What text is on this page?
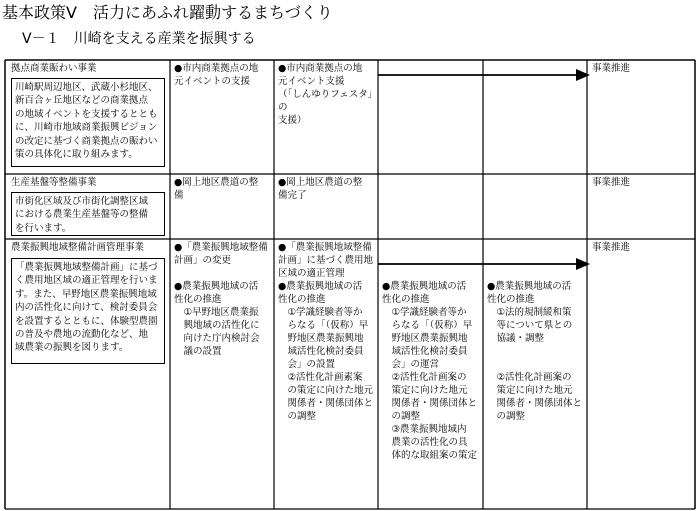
基本政策Ⅴ　活力にあふれ躍動するまちづくり
Ⅴ－１　川崎を支える産業を振興する
拠点商業賑わい事業
川崎駅周辺地区、武蔵小杉地区、
新百合ヶ丘地区などの商業拠点
の地域イベントを支援するととも
に、川崎市地域商業振興ビジョン
の改定に基づく商業拠点の賑わい
策の具体化に取り組みます。
●市内商業拠点の地
元イベントの支援
●市内商業拠点の地
元イベント支援
（「しんゆりフェスタ」の
支援）
事業推進
生産基盤等整備事業
市街化区域及び市街化調整区域
における農業生産基盤等の整備
を行います。
●岡上地区農道の整
備
●岡上地区農道の整
備完了
事業推進
農業振興地域整備計画管理事業
「農業振興地域整備計画」に基づ
く農用地区域の適正管理を行いま
す。また、早野地区農業振興地域
内の活性化に向けて、検討委員会
を設置するとともに、体験型農園
の普及や農地の流動化など、地
域農業の振興を図ります。
●「農業振興地域整備
計画」の変更

●農業振興地域の活
性化の推進
　①早野地区農業振
　興地域の活性化に
　向けた庁内検討会
　議の設置
●「農業振興地域整備
計画」に基づく農用地
区域の適正管理
●農業振興地域の活
性化の推進
　①学識経験者等か
　らなる「（仮称）早
　野地区農業振興地
　域活性化検討委員
　会」の設置
　②活性化計画素案
　の策定に向けた地元
　関係者・関係団体と
　の調整

●農業振興地域の活
性化の推進
　①学識経験者等か
　らなる「（仮称）早
　野地区農業振興地
　域活性化検討委員
　会」の運営
　②活性化計画案の
　策定に向けた地元
　関係者・関係団体と
　の調整
　③農業振興地域内
　農業の活性化の具
　体的な取組案の策定

●農業振興地域の活
性化の推進
　①法的規制緩和策
　等について県との
　協議・調整

　②活性化計画案の
　策定に向けた地元
　関係者・関係団体と
　の調整
事業推進
